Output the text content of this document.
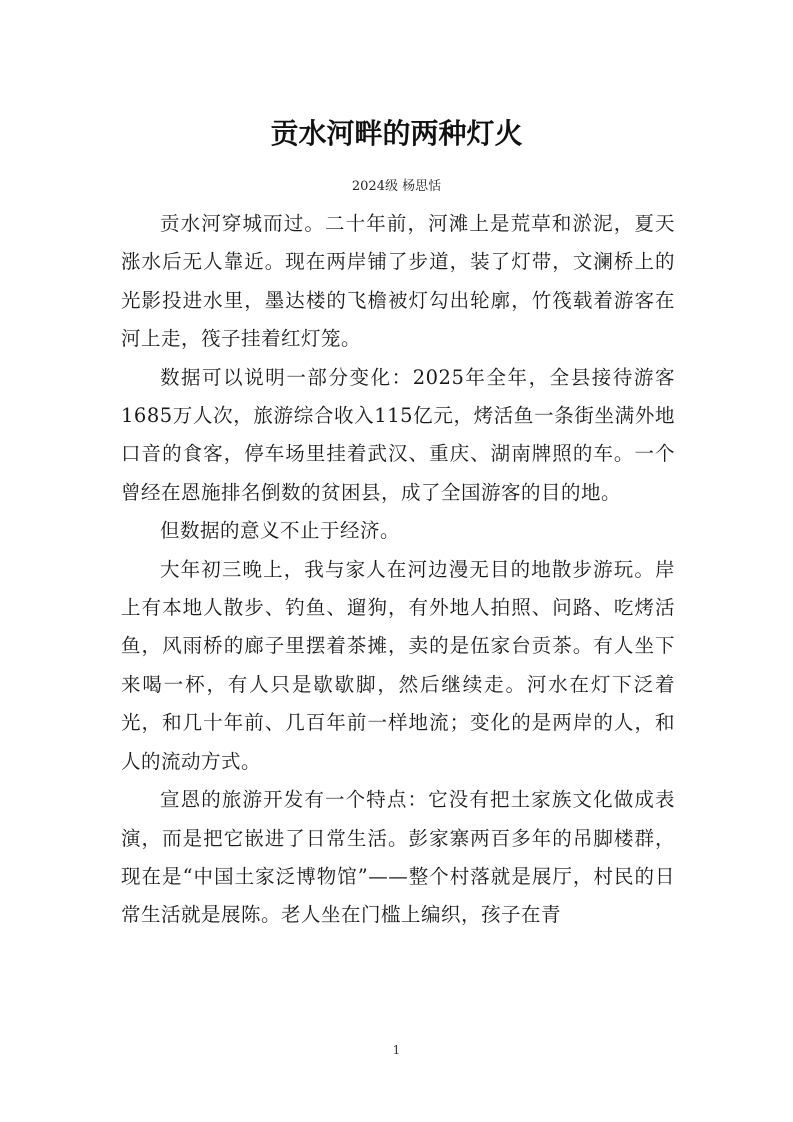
贡水河畔的两种灯火
2024级 杨思恬

贡水河穿城而过。二十年前，河滩上是荒草和淤泥，夏天涨水后无人靠近。现在两岸铺了步道，装了灯带，文澜桥上的光影投进水里，墨达楼的飞檐被灯勾出轮廓，竹筏载着游客在河上走，筏子挂着红灯笼。

数据可以说明一部分变化：2025年全年，全县接待游客1685万人次，旅游综合收入115亿元，烤活鱼一条街坐满外地口音的食客，停车场里挂着武汉、重庆、湖南牌照的车。一个曾经在恩施排名倒数的贫困县，成了全国游客的目的地。

但数据的意义不止于经济。

大年初三晚上，我与家人在河边漫无目的地散步游玩。岸上有本地人散步、钓鱼、遛狗，有外地人拍照、问路、吃烤活鱼，风雨桥的廊子里摆着茶摊，卖的是伍家台贡茶。有人坐下来喝一杯，有人只是歇歇脚，然后继续走。河水在灯下泛着光，和几十年前、几百年前一样地流；变化的是两岸的人，和人的流动方式。

宣恩的旅游开发有一个特点：它没有把土家族文化做成表演，而是把它嵌进了日常生活。彭家寨两百多年的吊脚楼群，现在是“中国土家泛博物馆”——整个村落就是展厅，村民的日常生活就是展陈。老人坐在门槛上编织，孩子在青

1
